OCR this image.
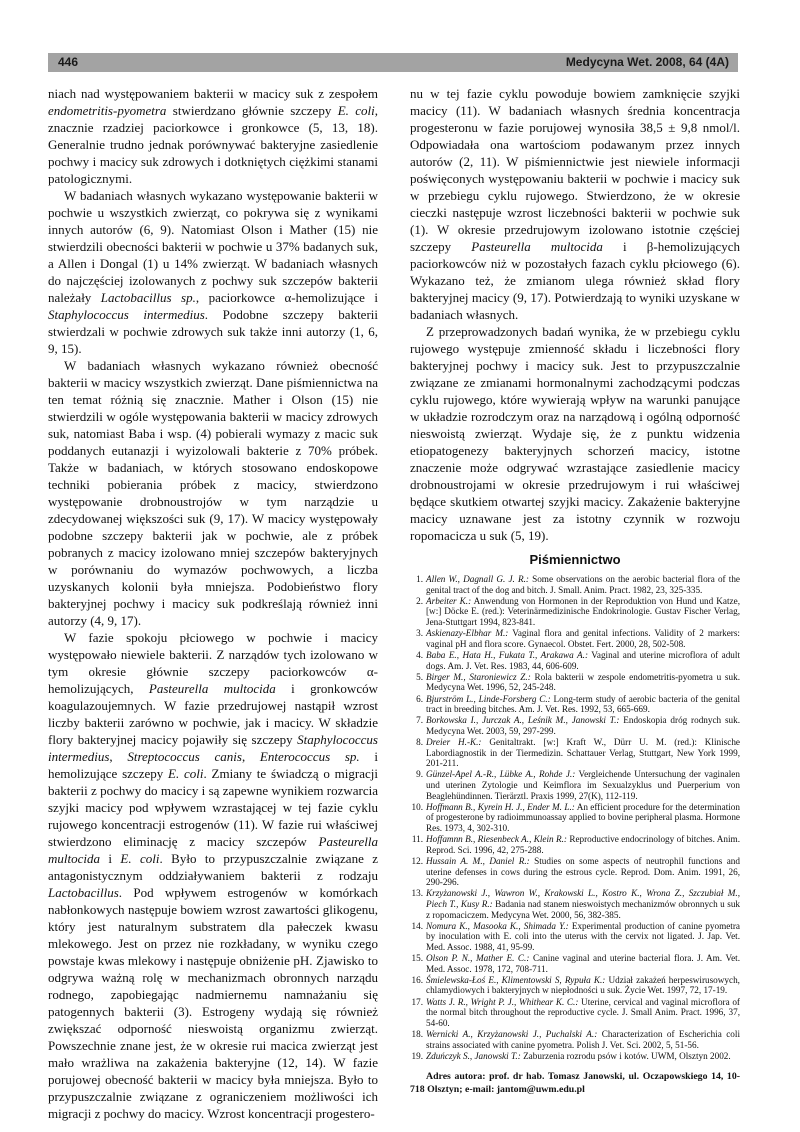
446	Medycyna Wet. 2008, 64 (4A)

niach nad występowaniem bakterii w macicy suk z zespołem endometritis-pyometra stwierdzano głównie szczepy E. coli, znacznie rzadziej paciorkowce i gronkowce (5, 13, 18). Generalnie trudno jednak porównywać bakteryjne zasiedlenie pochwy i macicy suk zdrowych i dotkniętych ciężkimi stanami patologicznymi.

W badaniach własnych wykazano występowanie bakterii w pochwie u wszystkich zwierząt, co pokrywa się z wynikami innych autorów (6, 9). Natomiast Olson i Mather (15) nie stwierdzili obecności bakterii w pochwie u 37% badanych suk, a Allen i Dongal (1) u 14% zwierząt. W badaniach własnych do najczęściej izolowanych z pochwy suk szczepów bakterii należały Lactobacillus sp., paciorkowce α-hemolizujące i Staphylococcus intermedius. Podobne szczepy bakterii stwierdzali w pochwie zdrowych suk także inni autorzy (1, 6, 9, 15).

W badaniach własnych wykazano również obecność bakterii w macicy wszystkich zwierząt. Dane piśmiennictwa na ten temat różnią się znacznie. Mather i Olson (15) nie stwierdzili w ogóle występowania bakterii w macicy zdrowych suk, natomiast Baba i wsp. (4) pobierali wymazy z macic suk poddanych eutanazji i wyizolowali bakterie z 70% próbek. Także w badaniach, w których stosowano endoskopowe techniki pobierania próbek z macicy, stwierdzono występowanie drobnoustrojów w tym narządzie u zdecydowanej większości suk (9, 17). W macicy występowały podobne szczepy bakterii jak w pochwie, ale z próbek pobranych z macicy izolowano mniej szczepów bakteryjnych w porównaniu do wymazów pochwowych, a liczba uzyskanych kolonii była mniejsza. Podobieństwo flory bakteryjnej pochwy i macicy suk podkreślają również inni autorzy (4, 9, 17).

W fazie spokoju płciowego w pochwie i macicy występowało niewiele bakterii. Z narządów tych izolowano w tym okresie głównie szczepy paciorkowców α-hemolizujących, Pasteurella multocida i gronkowców koagulazoujemnych. W fazie przedrujowej nastąpił wzrost liczby bakterii zarówno w pochwie, jak i macicy. W składzie flory bakteryjnej macicy pojawiły się szczepy Staphylococcus intermedius, Streptococcus canis, Enterococcus sp. i hemolizujące szczepy E. coli. Zmiany te świadczą o migracji bakterii z pochwy do macicy i są zapewne wynikiem rozwarcia szyjki macicy pod wpływem wzrastającej w tej fazie cyklu rujowego koncentracji estrogenów (11). W fazie rui właściwej stwierdzono eliminację z macicy szczepów Pasteurella multocida i E. coli. Było to przypuszczalnie związane z antagonistycznym oddziaływaniem bakterii z rodzaju Lactobacillus. Pod wpływem estrogenów w komórkach nabłonkowych następuje bowiem wzrost zawartości glikogenu, który jest naturalnym substratem dla pałeczek kwasu mlekowego. Jest on przez nie rozkładany, w wyniku czego powstaje kwas mlekowy i następuje obniżenie pH. Zjawisko to odgrywa ważną rolę w mechanizmach obronnych narządu rodnego, zapobiegając nadmiernemu namnażaniu się patogennych bakterii (3). Estrogeny wydają się również zwiększać odporność nieswoistą organizmu zwierząt. Powszechnie znane jest, że w okresie rui macica zwierząt jest mało wrażliwa na zakażenia bakteryjne (12, 14). W fazie porujowej obecność bakterii w macicy była mniejsza. Było to przypuszczalnie związane z ograniczeniem możliwości ich migracji z pochwy do macicy. Wzrost koncentracji progestero-

nu w tej fazie cyklu powoduje bowiem zamknięcie szyjki macicy (11). W badaniach własnych średnia koncentracja progesteronu w fazie porujowej wynosiła 38,5 ± 9,8 nmol/l. Odpowiadała ona wartościom podawanym przez innych autorów (2, 11). W piśmiennictwie jest niewiele informacji poświęconych występowaniu bakterii w pochwie i macicy suk w przebiegu cyklu rujowego. Stwierdzono, że w okresie cieczki następuje wzrost liczebności bakterii w pochwie suk (1). W okresie przedrujowym izolowano istotnie częściej szczepy Pasteurella multocida i β-hemolizujących paciorkowców niż w pozostałych fazach cyklu płciowego (6). Wykazano też, że zmianom ulega również skład flory bakteryjnej macicy (9, 17). Potwierdzają to wyniki uzyskane w badaniach własnych.

Z przeprowadzonych badań wynika, że w przebiegu cyklu rujowego występuje zmienność składu i liczebności flory bakteryjnej pochwy i macicy suk. Jest to przypuszczalnie związane ze zmianami hormonalnymi zachodzącymi podczas cyklu rujowego, które wywierają wpływ na warunki panujące w układzie rozrodczym oraz na narządową i ogólną odporność nieswoistą zwierząt. Wydaje się, że z punktu widzenia etiopatogenezy bakteryjnych schorzeń macicy, istotne znaczenie może odgrywać wzrastające zasiedlenie macicy drobnoustrojami w okresie przedrujowym i rui właściwej będące skutkiem otwartej szyjki macicy. Zakażenie bakteryjne macicy uznawane jest za istotny czynnik w rozwoju ropomacicza u suk (5, 19).

Piśmiennictwo
1. Allen W., Dagnall G. J. R.: Some observations on the aerobic bacterial flora of the genital tract of the dog and bitch. J. Small. Anim. Pract. 1982, 23, 325-335.
2. Arbeiter K.: Anwendung von Hormonen in der Reproduktion von Hund und Katze, [w:] Döcke E. (red.): Veterinärmedizinische Endokrinologie. Gustav Fischer Verlag, Jena-Stuttgart 1994, 823-841.
3. Askienazy-Elbhar M.: Vaginal flora and genital infections. Validity of 2 markers: vaginal pH and flora score. Gynaecol. Obstet. Fert. 2000, 28, 502-508.
4. Baba E., Hata H., Fukata T., Arakawa A.: Vaginal and uterine microflora of adult dogs. Am. J. Vet. Res. 1983, 44, 606-609.
5. Birger M., Staroniewicz Z.: Rola bakterii w zespole endometritis-pyometra u suk. Medycyna Wet. 1996, 52, 245-248.
6. Bjurström L., Linde-Forsberg C.: Long-term study of aerobic bacteria of the genital tract in breeding bitches. Am. J. Vet. Res. 1992, 53, 665-669.
7. Borkowska I., Jurczak A., Leśnik M., Janowski T.: Endoskopia dróg rodnych suk. Medycyna Wet. 2003, 59, 297-299.
8. Dreier H.-K.: Genitaltrakt. [w:] Kraft W., Dürr U. M. (red.): Klinische Labordiagnostik in der Tiermedizin. Schattauer Verlag, Stuttgart, New York 1999, 201-211.
9. Günzel-Apel A.-R., Lübke A., Rohde J.: Vergleichende Untersuchung der vaginalen und uterinen Zytologie und Keimflora im Sexualzyklus und Puerperium von Beaglehündinnen. Tierärztl. Praxis 1999, 27(K), 112-119.
10. Hoffmann B., Kyrein H. J., Ender M. L.: An efficient procedure for the determination of progesterone by radioimmunoassay applied to bovine peripheral plasma. Hormone Res. 1973, 4, 302-310.
11. Hoffamnn B., Riesenbeck A., Klein R.: Reproductive endocrinology of bitches. Anim. Reprod. Sci. 1996, 42, 275-288.
12. Hussain A. M., Daniel R.: Studies on some aspects of neutrophil functions and uterine defenses in cows during the estrous cycle. Reprod. Dom. Anim. 1991, 26, 290-296.
13. Krzyżanowski J., Wawron W., Krakowski L., Kostro K., Wrona Z., Szczubiał M., Piech T., Kusy R.: Badania nad stanem nieswoistych mechanizmów obronnych u suk z ropomaciczem. Medycyna Wet. 2000, 56, 382-385.
14. Nomura K., Masooka K., Shimada Y.: Experimental production of canine pyometra by inoculation with E. coli into the uterus with the cervix not ligated. J. Jap. Vet. Med. Assoc. 1988, 41, 95-99.
15. Olson P. N., Mather E. C.: Canine vaginal and uterine bacterial flora. J. Am. Vet. Med. Assoc. 1978, 172, 708-711.
16. Śmielewska-Łoś E., Klimentowski S, Rypuła K.: Udział zakażeń herpeswirusowych, chlamydiowych i bakteryjnych w niepłodności u suk. Życie Wet. 1997, 72, 17-19.
17. Watts J. R., Wright P. J., Whithear K. C.: Uterine, cervical and vaginal microflora of the normal bitch throughout the reproductive cycle. J. Small Anim. Pract. 1996, 37, 54-60.
18. Wernicki A., Krzyżanowski J., Puchalski A.: Characterization of Escherichia coli strains associated with canine pyometra. Polish J. Vet. Sci. 2002, 5, 51-56.
19. Zduńczyk S., Janowski T.: Zaburzenia rozrodu psów i kotów. UWM, Olsztyn 2002.
Adres autora: prof. dr hab. Tomasz Janowski, ul. Oczapowskiego 14, 10-718 Olsztyn; e-mail: jantom@uwm.edu.pl
